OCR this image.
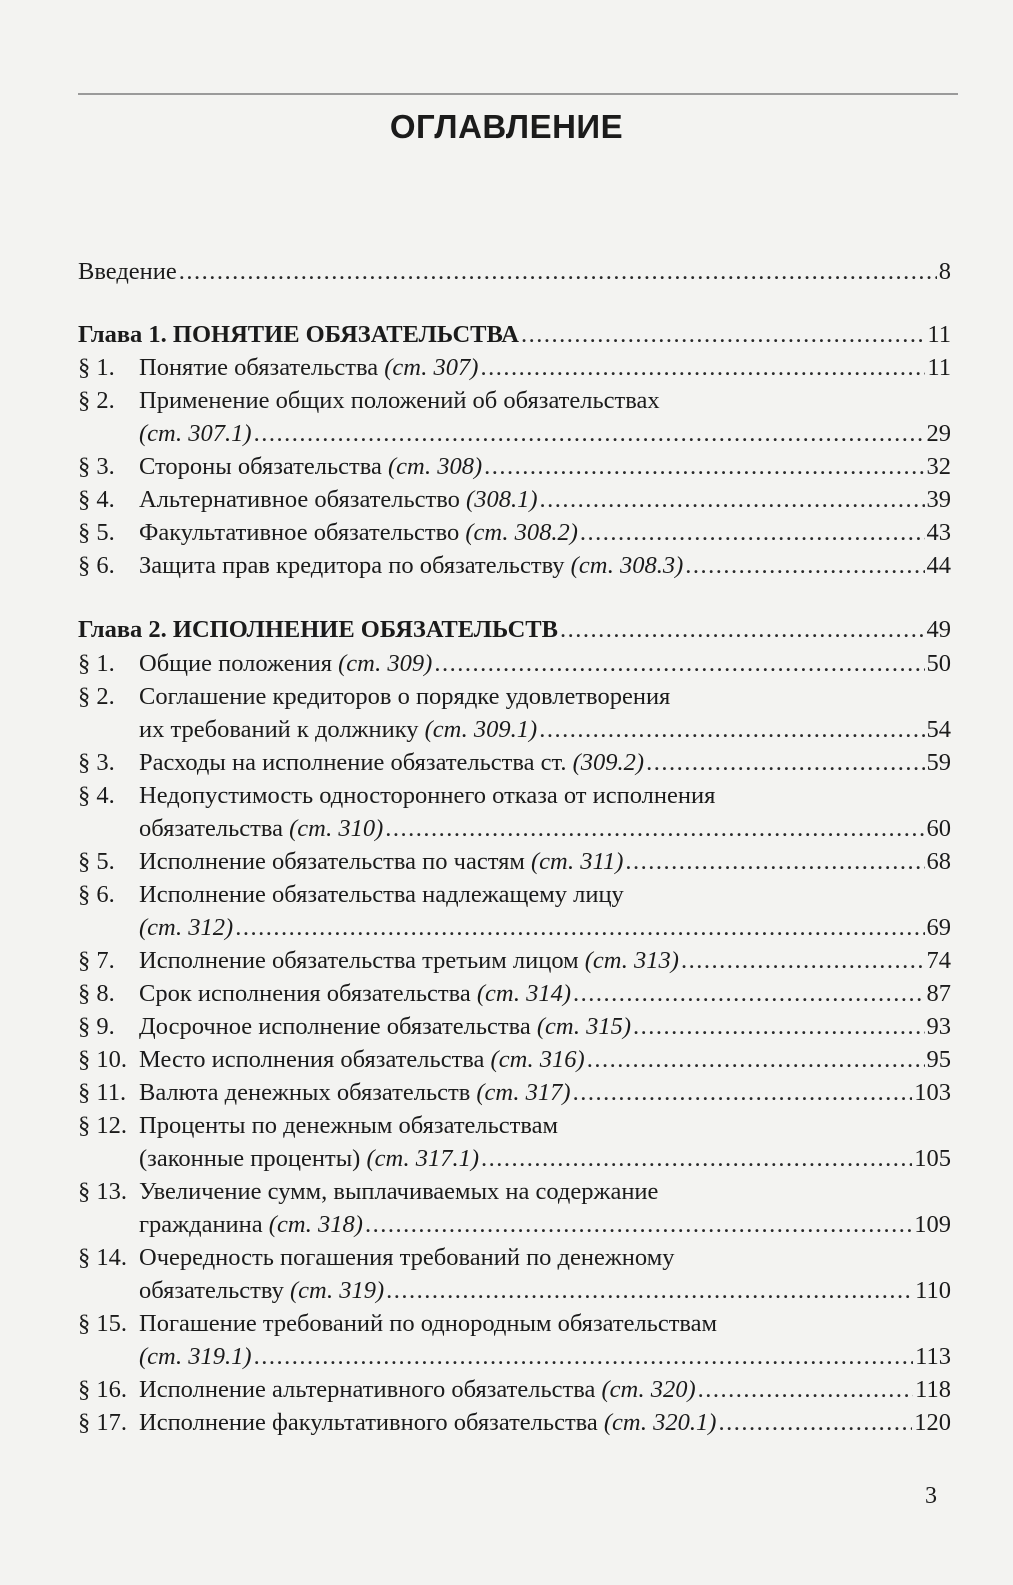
ОГЛАВЛЕНИЕ
Введение .....	8
Глава 1. ПОНЯТИЕ ОБЯЗАТЕЛЬСТВА .....	11
§ 1. Понятие обязательства (ст. 307) .....	11
§ 2. Применение общих положений об обязательствах
(ст. 307.1) .....	29
§ 3. Стороны обязательства (ст. 308) .....	32
§ 4. Альтернативное обязательство (308.1) .....	39
§ 5. Факультативное обязательство (ст. 308.2) .....	43
§ 6. Защита прав кредитора по обязательству (ст. 308.3) .....	44
Глава 2. ИСПОЛНЕНИЕ ОБЯЗАТЕЛЬСТВ .....	49
§ 1. Общие положения (ст. 309) .....	50
§ 2. Соглашение кредиторов о порядке удовлетворения
их требований к должнику (ст. 309.1) .....	54
§ 3. Расходы на исполнение обязательства ст. (309.2) .....	59
§ 4. Недопустимость одностороннего отказа от исполнения
обязательства (ст. 310) .....	60
§ 5. Исполнение обязательства по частям (ст. 311) .....	68
§ 6. Исполнение обязательства надлежащему лицу
(ст. 312) .....	69
§ 7. Исполнение обязательства третьим лицом (ст. 313) .....	74
§ 8. Срок исполнения обязательства (ст. 314) .....	87
§ 9. Досрочное исполнение обязательства (ст. 315) .....	93
§ 10. Место исполнения обязательства (ст. 316) .....	95
§ 11. Валюта денежных обязательств (ст. 317) .....	103
§ 12. Проценты по денежным обязательствам
(законные проценты) (ст. 317.1) .....	105
§ 13. Увеличение сумм, выплачиваемых на содержание
гражданина (ст. 318) .....	109
§ 14. Очередность погашения требований по денежному
обязательству (ст. 319) .....	110
§ 15. Погашение требований по однородным обязательствам
(ст. 319.1) .....	113
§ 16. Исполнение альтернативного обязательства (ст. 320) .....	118
§ 17. Исполнение факультативного обязательства (ст. 320.1) .....	120
3
